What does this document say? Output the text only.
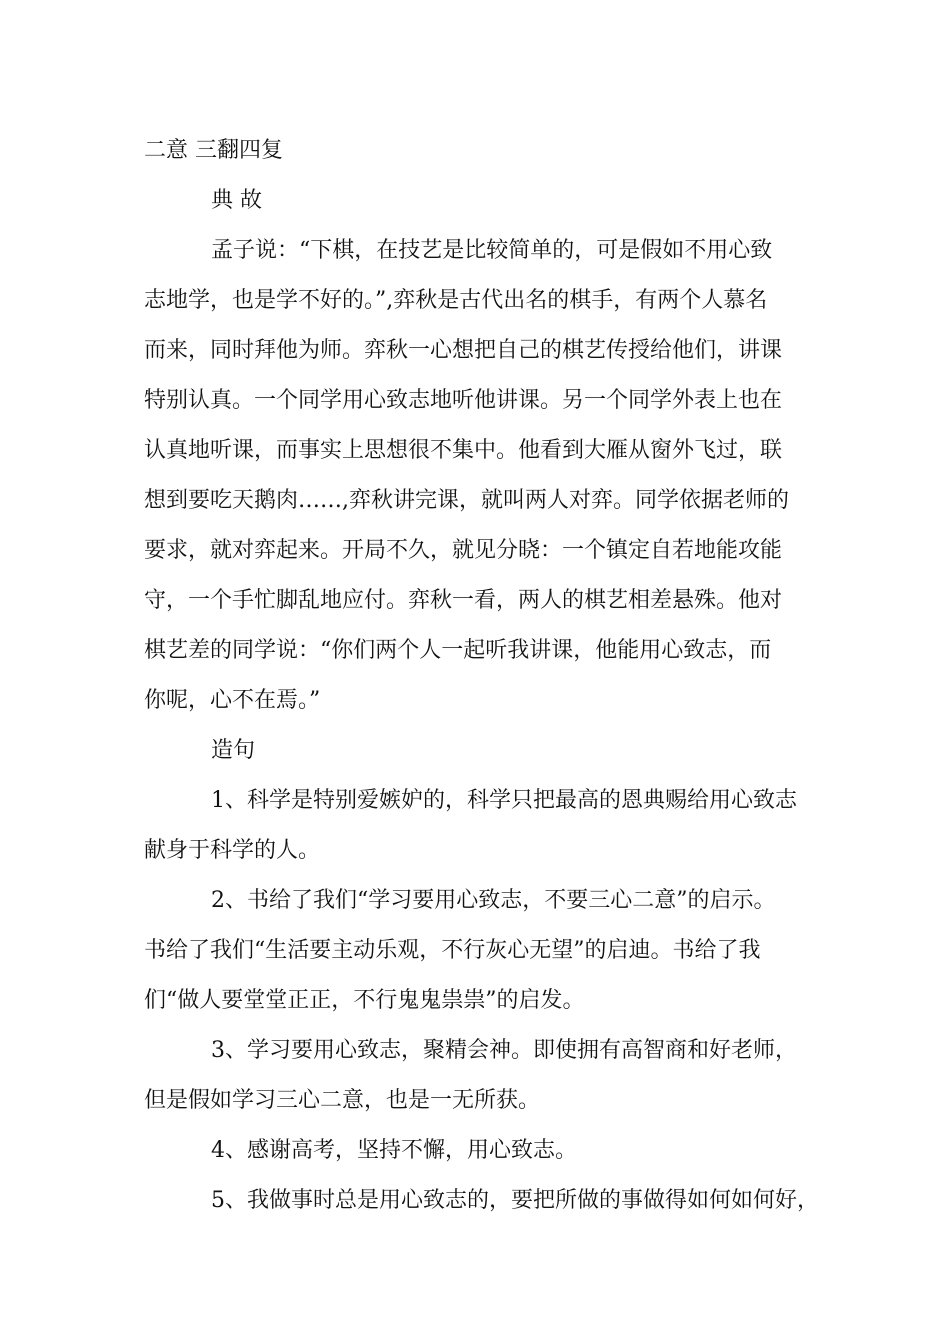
二意 三翻四复
典 故
孟子说：“下棋，在技艺是比较简单的，可是假如不用心致
志地学，也是学不好的。”,弈秋是古代出名的棋手，有两个人慕名
而来，同时拜他为师。弈秋一心想把自己的棋艺传授给他们，讲课
特别认真。一个同学用心致志地听他讲课。另一个同学外表上也在
认真地听课，而事实上思想很不集中。他看到大雁从窗外飞过，联
想到要吃天鹅肉……,弈秋讲完课，就叫两人对弈。同学依据老师的
要求，就对弈起来。开局不久，就见分晓：一个镇定自若地能攻能
守，一个手忙脚乱地应付。弈秋一看，两人的棋艺相差悬殊。他对
棋艺差的同学说：“你们两个人一起听我讲课，他能用心致志，而
你呢，心不在焉。”
造句
1、科学是特别爱嫉妒的，科学只把最高的恩典赐给用心致志
献身于科学的人。
2、书给了我们“学习要用心致志，不要三心二意”的启示。
书给了我们“生活要主动乐观，不行灰心无望”的启迪。书给了我
们“做人要堂堂正正，不行鬼鬼祟祟”的启发。
3、学习要用心致志，聚精会神。即使拥有高智商和好老师，
但是假如学习三心二意，也是一无所获。
4、感谢高考，坚持不懈，用心致志。
5、我做事时总是用心致志的，要把所做的事做得如何如何好，
